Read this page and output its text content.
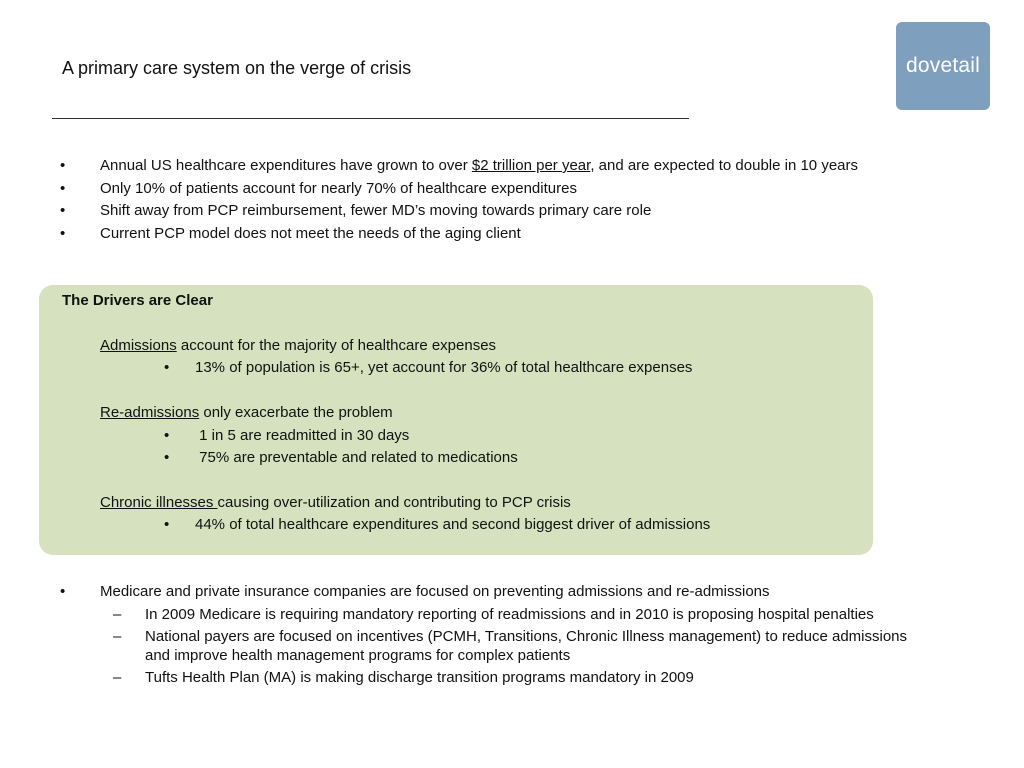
A primary care system on the verge of crisis	dovetail
• Annual US healthcare expenditures have grown to over $2 trillion per year, and are expected to double in 10 years
• Only 10% of patients account for nearly 70% of healthcare expenditures
• Shift away from PCP reimbursement, fewer MD’s moving towards primary care role
• Current PCP model does not meet the needs of the aging client
The Drivers are Clear
Admissions account for the majority of healthcare expenses
• 13% of population is 65+, yet account for 36% of total healthcare expenses
Re-admissions only exacerbate the problem
• 1 in 5 are readmitted in 30 days
• 75% are preventable and related to medications
Chronic illnesses causing over-utilization and contributing to PCP crisis
• 44% of total healthcare expenditures and second biggest driver of admissions
• Medicare and private insurance companies are focused on preventing admissions and re-admissions
– In 2009 Medicare is requiring mandatory reporting of readmissions and in 2010 is proposing hospital penalties
– National payers are focused on incentives (PCMH, Transitions, Chronic Illness management) to reduce admissions and improve health management programs for complex patients
– Tufts Health Plan (MA) is making discharge transition programs mandatory in 2009
